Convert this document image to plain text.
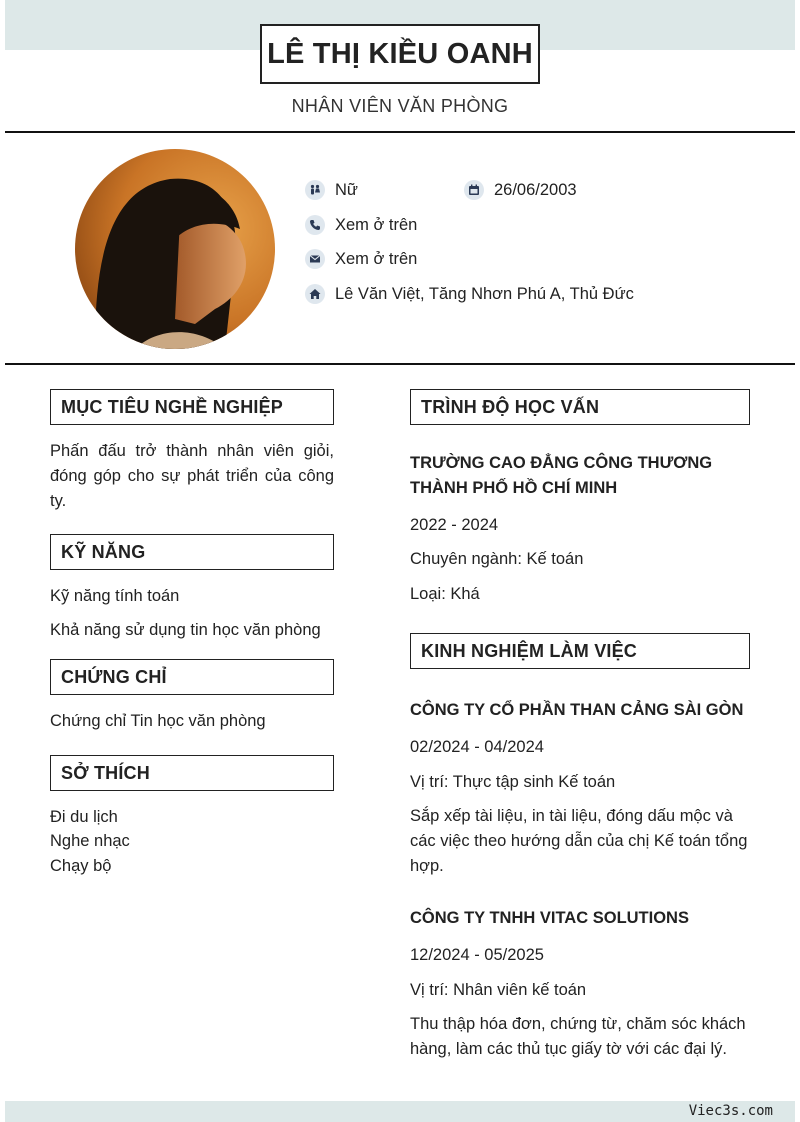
LÊ THỊ KIỀU OANH
NHÂN VIÊN VĂN PHÒNG
Nữ	26/06/2003
Xem ở trên
Xem ở trên
Lê Văn Việt, Tăng Nhơn Phú A, Thủ Đức
MỤC TIÊU NGHỀ NGHIỆP
Phấn đấu trở thành nhân viên giỏi, đóng góp cho sự phát triển của công ty.
KỸ NĂNG
Kỹ năng tính toán
Khả năng sử dụng tin học văn phòng
CHỨNG CHỈ
Chứng chỉ Tin học văn phòng
SỞ THÍCH
Đi du lịch
Nghe nhạc
Chạy bộ
TRÌNH ĐỘ HỌC VẤN
TRƯỜNG CAO ĐẲNG CÔNG THƯƠNG THÀNH PHỐ HỒ CHÍ MINH
2022 - 2024
Chuyên ngành: Kế toán
Loại: Khá
KINH NGHIỆM LÀM VIỆC
CÔNG TY CỔ PHẦN THAN CẢNG SÀI GÒN
02/2024 - 04/2024
Vị trí: Thực tập sinh Kế toán
Sắp xếp tài liệu, in tài liệu, đóng dấu mộc và các việc theo hướng dẫn của chị Kế toán tổng hợp.
CÔNG TY TNHH VITAC SOLUTIONS
12/2024 - 05/2025
Vị trí: Nhân viên kế toán
Thu thập hóa đơn, chứng từ, chăm sóc khách hàng, làm các thủ tục giấy tờ với các đại lý.
Viec3s.com
